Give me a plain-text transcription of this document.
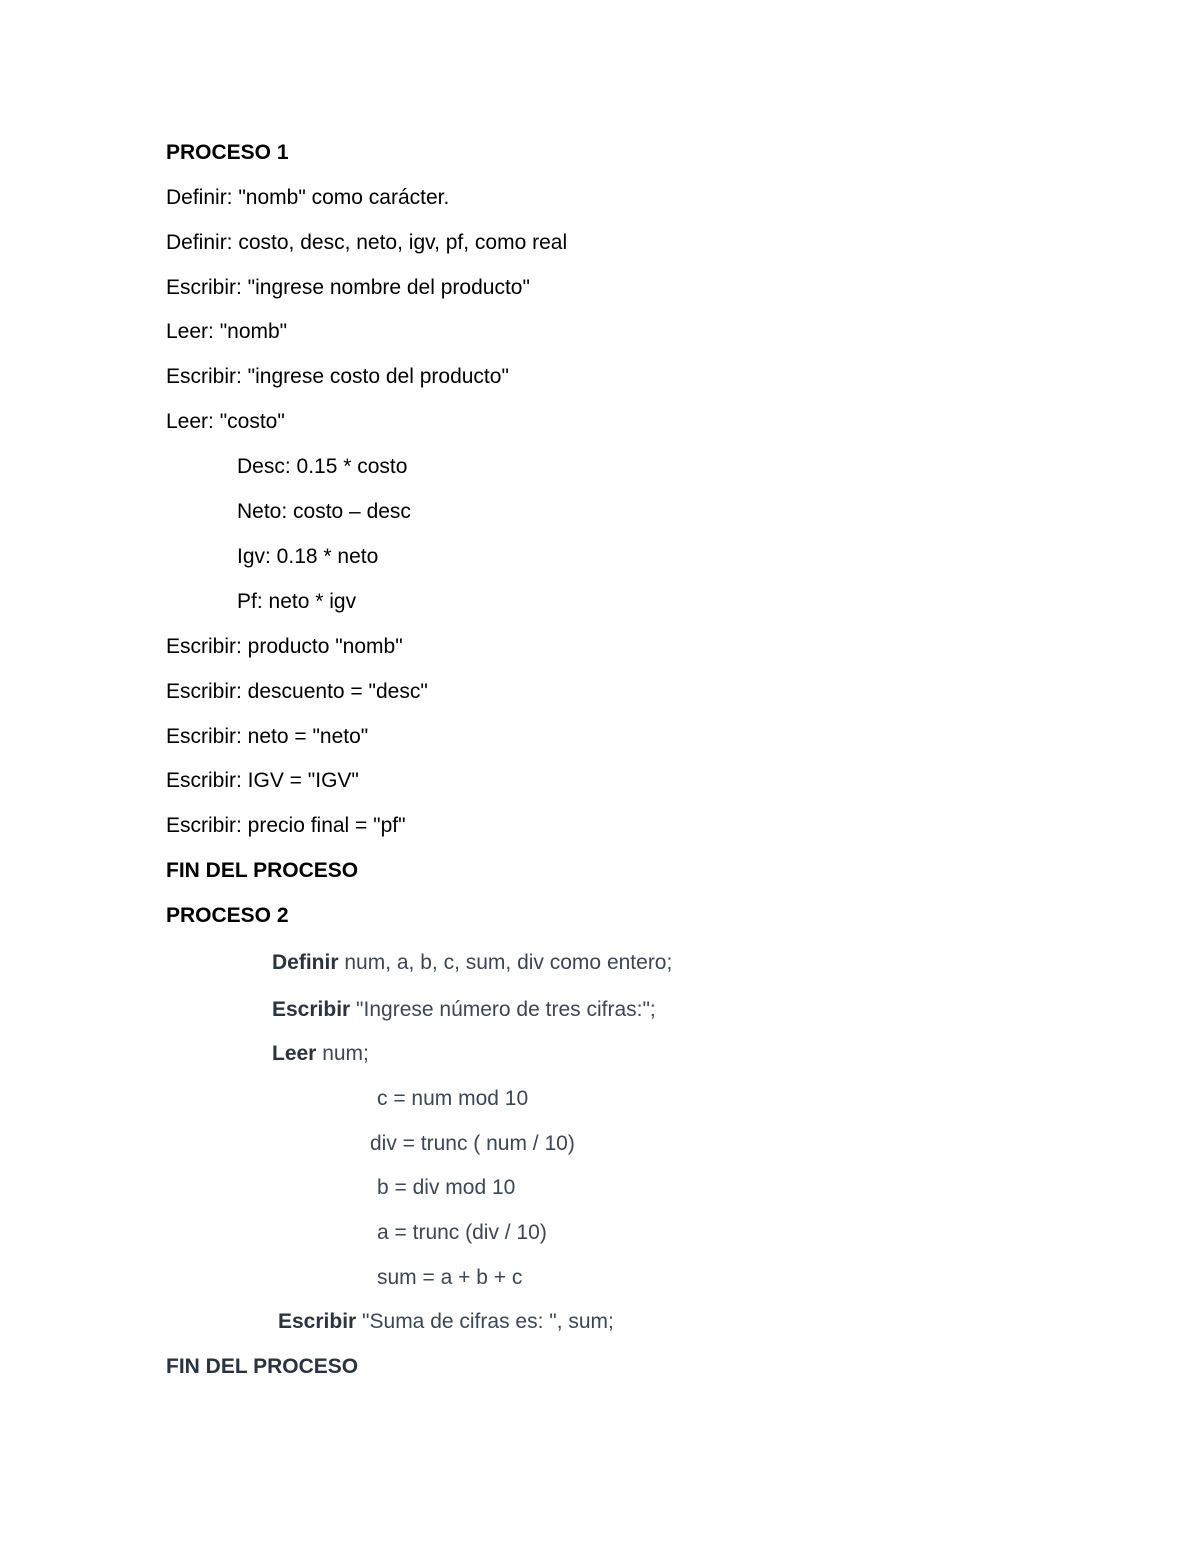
PROCESO 1
Definir: "nomb" como carácter.
Definir: costo, desc, neto, igv, pf, como real
Escribir: "ingrese nombre del producto"
Leer: "nomb"
Escribir: "ingrese costo del producto"
Leer: "costo"
Desc: 0.15 * costo
Neto: costo – desc
Igv: 0.18 * neto
Pf: neto * igv
Escribir: producto "nomb"
Escribir: descuento = "desc"
Escribir: neto = "neto"
Escribir: IGV = "IGV"
Escribir: precio final = "pf"
FIN DEL PROCESO
PROCESO 2
Definir num, a, b, c, sum, div como entero;
Escribir "Ingrese número de tres cifras:";
Leer num;
c = num mod 10
div = trunc ( num / 10)
b = div mod 10
a = trunc (div / 10)
sum = a + b + c
Escribir "Suma de cifras es: ", sum;
FIN DEL PROCESO
